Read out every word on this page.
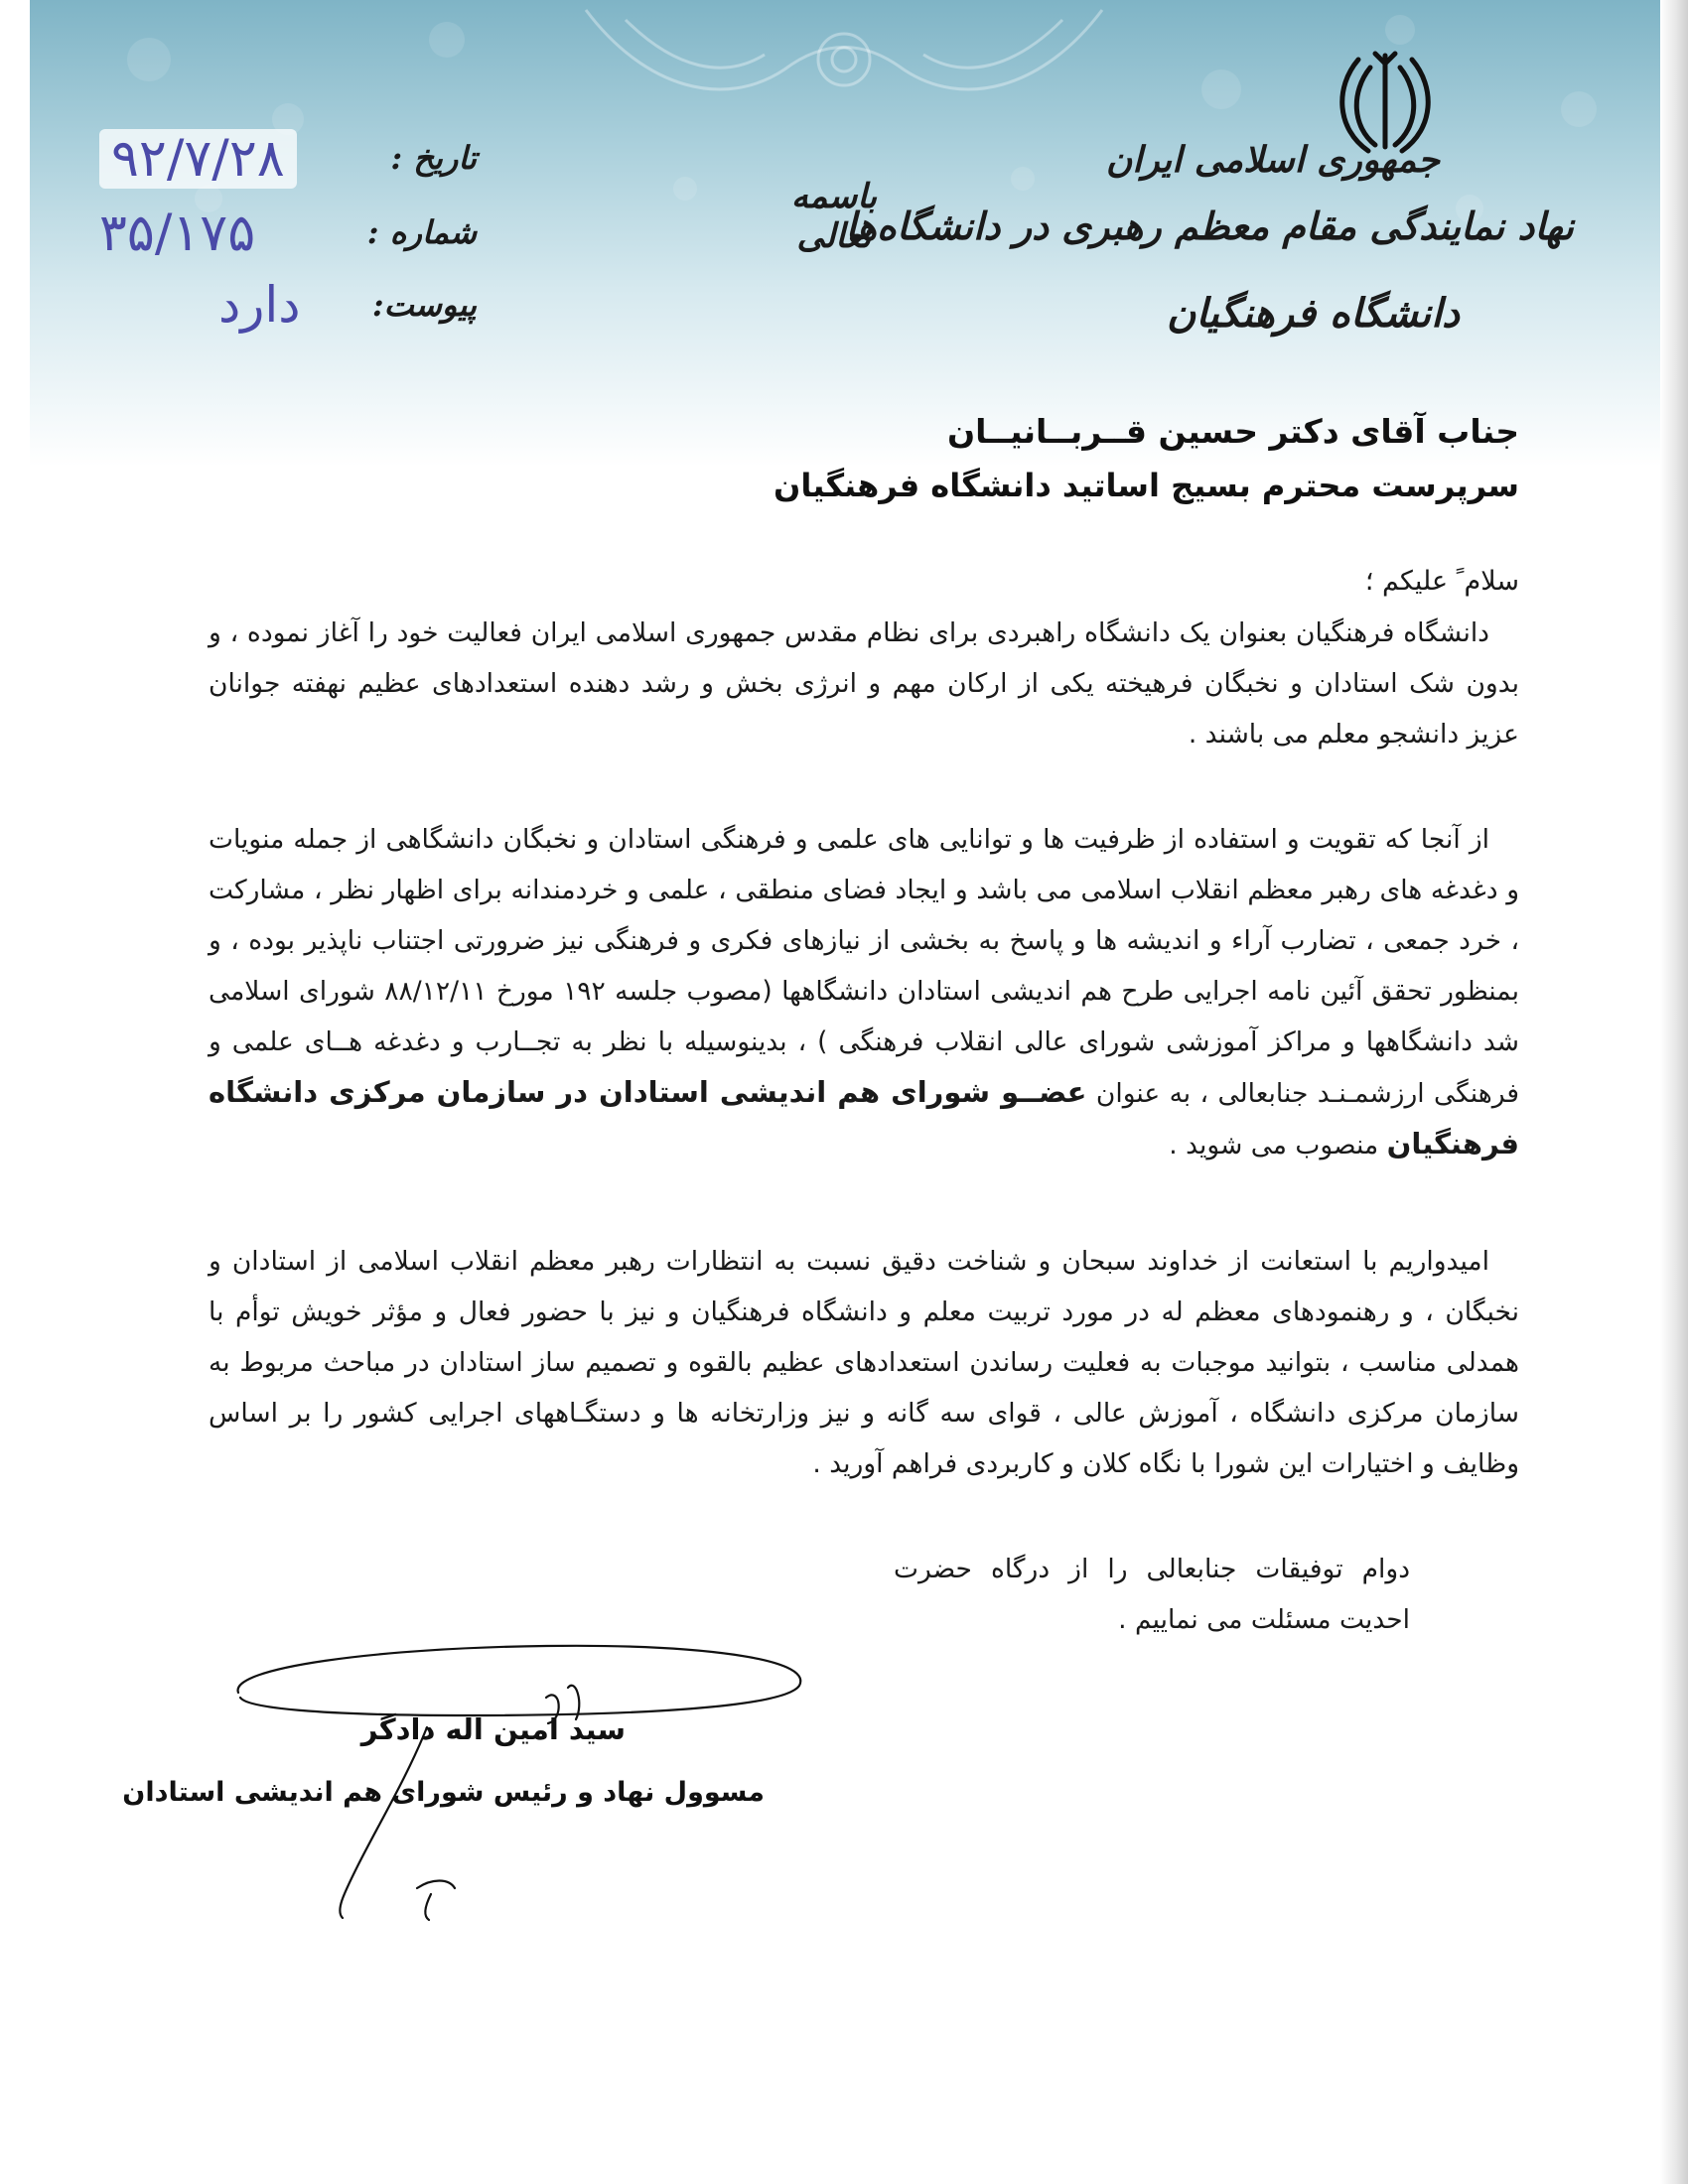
جمهوری اسلامی ایران
نهاد نمایندگی مقام معظم رهبری در دانشگاه‌ها
دانشگاه فرهنگیان
باسمه تعالی
۹۲/۷/۲۸	تاریخ :
۳۵/۱۷۵	شماره :
دارد پیوست:
جناب آقای دکتر حسین قــربــانیــان
سرپرست محترم بسیج اساتید دانشگاه فرهنگیان
سلام ً علیکم ؛
دانشگاه فرهنگیان بعنوان یک دانشگاه راهبردی برای نظام مقدس جمهوری اسلامی ایران فعالیت خود را آغاز نموده ، و بدون شک استادان و نخبگان فرهیخته یکی از ارکان مهم و انرژی بخش و رشد دهنده استعدادهای عظیم نهفته جوانان عزیز دانشجو معلم می باشند .
از آنجا که تقویت و استفاده از ظرفیت ها و توانایی های علمی و فرهنگی استادان و نخبگان دانشگاهی از جمله منویات و دغدغه های رهبر معظم انقلاب اسلامی می باشد و ایجاد فضای منطقی ، علمی و خردمندانه برای اظهار نظر ، مشارکت ، خرد جمعی ، تضارب آراء و اندیشه ها و پاسخ به بخشی از نیازهای فکری و فرهنگی نیز ضرورتی اجتناب ناپذیر بوده ، و بمنظور تحقق آئین نامه اجرایی طرح هم اندیشی استادان دانشگاهها (مصوب جلسه ۱۹۲ مورخ ۸۸/۱۲/۱۱ شورای اسلامی شد دانشگاهها و مراکز آموزشی شورای عالی انقلاب فرهنگی ) ، بدینوسیله با نظر به تجــارب و دغدغه هــای علمی و فرهنگی ارزشمـنـد جنابعالی ، به عنوان عضــو شورای هم اندیشی استادان در سازمان مرکزی دانشگاه فرهنگیان منصوب می شوید .
امیدواریم با استعانت از خداوند سبحان و شناخت دقیق نسبت به انتظارات رهبر معظم انقلاب اسلامی از استادان و نخبگان ، و رهنمودهای معظم له در مورد تربیت معلم و دانشگاه فرهنگیان و نیز با حضور فعال و مؤثر خویش توأم با همدلی مناسب ، بتوانید موجبات به فعلیت رساندن استعدادهای عظیم بالقوه و تصمیم ساز استادان در مباحث مربوط به سازمان مرکزی دانشگاه ، آموزش عالی ، قوای سه گانه و نیز وزارتخانه ها و دستگـاههای اجرایی کشور را بر اساس وظایف و اختیارات این شورا با نگاه کلان و کاربردی فراهم آورید .
دوام توفیقات جنابعالی را از درگاه حضرت احدیت مسئلت می نماییم .
سید امین اله دادگر
مسوول نهاد و رئیس شورای هم اندیشی استادان
